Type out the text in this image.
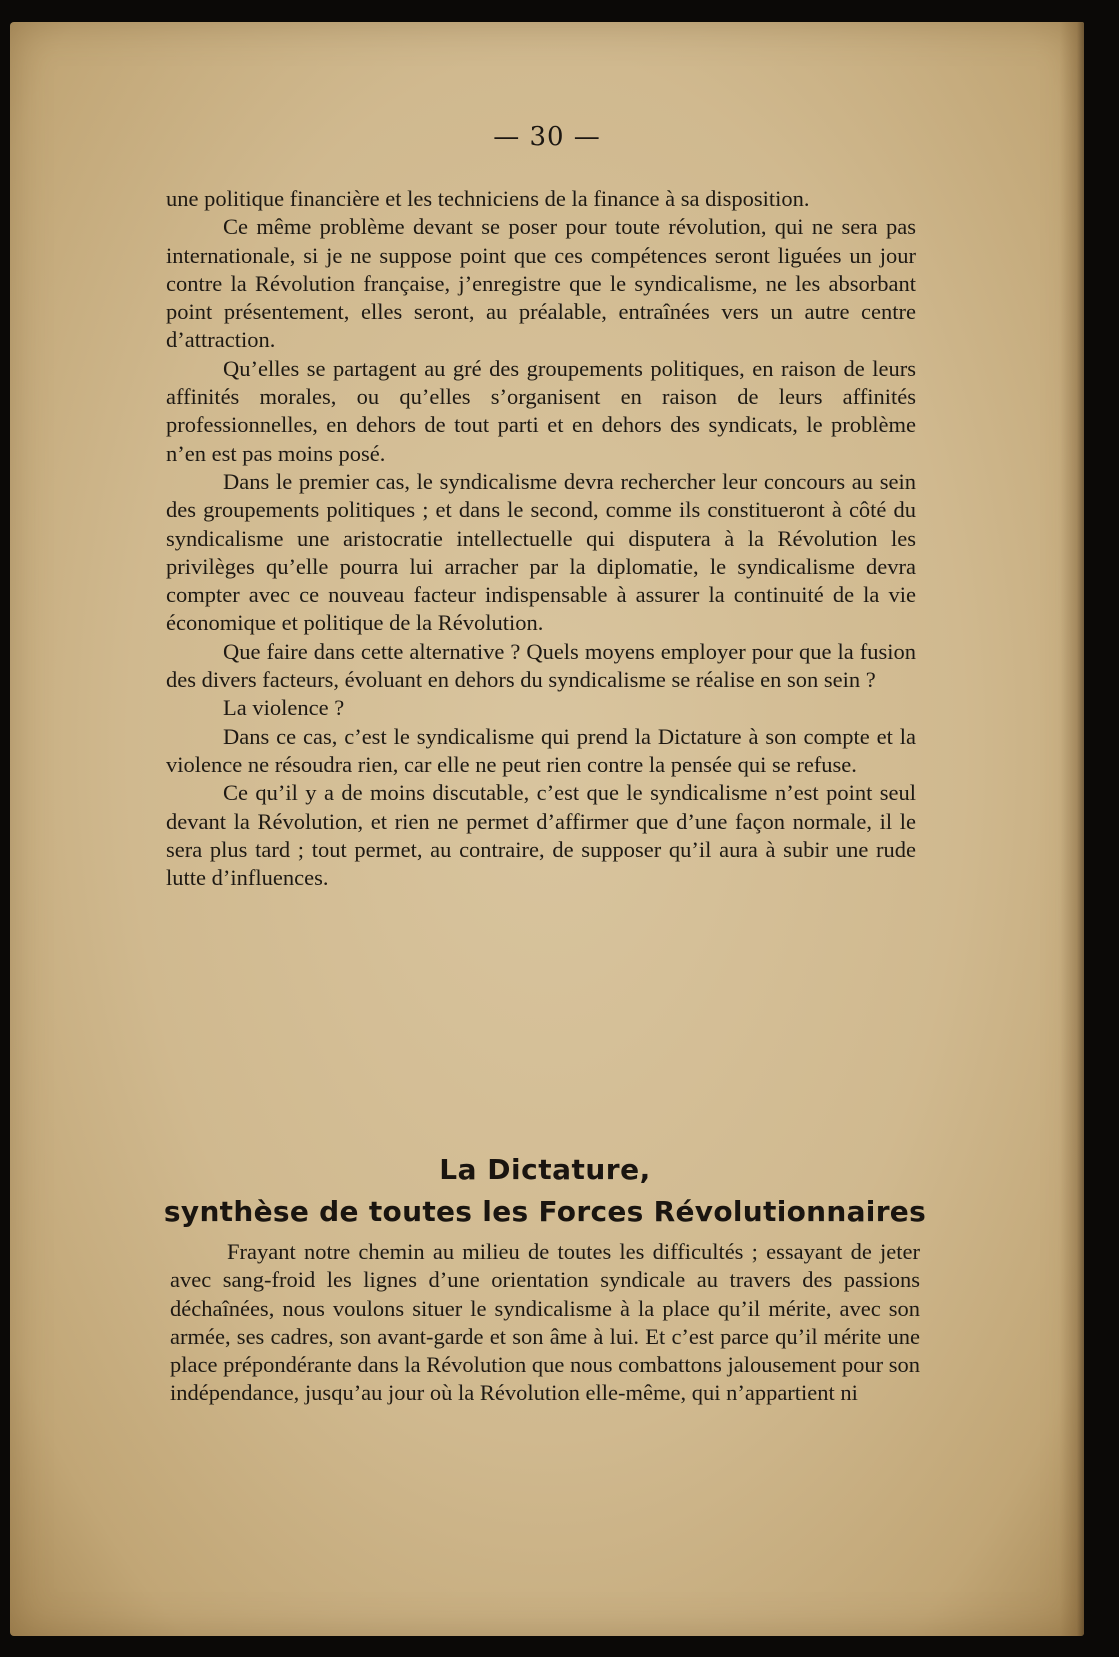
— 30 —

une politique financière et les techniciens de la finance à sa disposition.

Ce même problème devant se poser pour toute révolution, qui ne sera pas internationale, si je ne suppose point que ces compétences seront liguées un jour contre la Révolution française, j’enregistre que le syndicalisme, ne les absorbant point présentement, elles seront, au préalable, entraînées vers un autre centre d’attraction.

Qu’elles se partagent au gré des groupements politiques, en raison de leurs affinités morales, ou qu’elles s’organisent en raison de leurs affinités professionnelles, en dehors de tout parti et en dehors des syndicats, le problème n’en est pas moins posé.

Dans le premier cas, le syndicalisme devra rechercher leur concours au sein des groupements politiques ; et dans le second, comme ils constitueront à côté du syndicalisme une aristocratie intellectuelle qui disputera à la Révolution les privilèges qu’elle pourra lui arracher par la diplomatie, le syndicalisme devra compter avec ce nouveau facteur indispensable à assurer la continuité de la vie économique et politique de la Révolution.

Que faire dans cette alternative ? Quels moyens employer pour que la fusion des divers facteurs, évoluant en dehors du syndicalisme se réalise en son sein ?

La violence ?

Dans ce cas, c’est le syndicalisme qui prend la Dictature à son compte et la violence ne résoudra rien, car elle ne peut rien contre la pensée qui se refuse.

Ce qu’il y a de moins discutable, c’est que le syndicalisme n’est point seul devant la Révolution, et rien ne permet d’affirmer que d’une façon normale, il le sera plus tard ; tout permet, au contraire, de supposer qu’il aura à subir une rude lutte d’influences.

La Dictature,
synthèse de toutes les Forces Révolutionnaires

Frayant notre chemin au milieu de toutes les difficultés ; essayant de jeter avec sang-froid les lignes d’une orientation syndicale au travers des passions déchaînées, nous voulons situer le syndicalisme à la place qu’il mérite, avec son armée, ses cadres, son avant-garde et son âme à lui. Et c’est parce qu’il mérite une place prépondérante dans la Révolution que nous combattons jalousement pour son indépendance, jusqu’au jour où la Révolution elle-même, qui n’appartient ni
